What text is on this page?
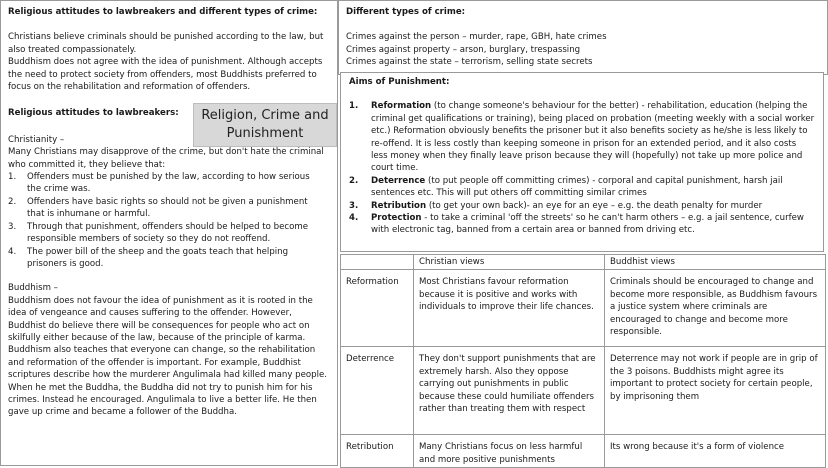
Religious attitudes to lawbreakers and different types of crime:

Christians believe criminals should be punished according to the law, but also treated compassionately.

Buddhism does not agree with the idea of punishment. Although accepts the need to protect society from offenders, most Buddhists preferred to focus on the rehabilitation and reformation of offenders.

Religious attitudes to lawbreakers:

Christianity –

Many Christians may disapprove of the crime, but don't hate the criminal who committed it, they believe that:

1. Offenders must be punished by the law, according to how serious the crime was.
2. Offenders have basic rights so should not be given a punishment that is inhumane or harmful.
3. Through that punishment, offenders should be helped to become responsible members of society so they do not reoffend.
4. The power bill of the sheep and the goats teach that helping prisoners is good.

Buddhism –

Buddhism does not favour the idea of punishment as it is rooted in the idea of vengeance and causes suffering to the offender. However, Buddhist do believe there will be consequences for people who act on skilfully either because of the law, because of the principle of karma. Buddhism also teaches that everyone can change, so the rehabilitation and reformation of the offender is important. For example, Buddhist scriptures describe how the murderer Angulimala had killed many people. When he met the Buddha, the Buddha did not try to punish him for his crimes. Instead he encouraged. Angulimala to live a better life. He then gave up crime and became a follower of the Buddha.

Religion, Crime and
Punishment

Different types of crime:

Crimes against the person – murder, rape, GBH, hate crimes

Crimes against property – arson, burglary, trespassing

Crimes against the state – terrorism, selling state secrets

Aims of Punishment:

1. Reformation (to change someone's behaviour for the better) - rehabilitation, education (helping the criminal get qualifications or training), being placed on probation (meeting weekly with a social worker etc.) Reformation obviously benefits the prisoner but it also benefits society as he/she is less likely to re-offend. It is less costly than keeping someone in prison for an extended period, and it also costs less money when they finally leave prison because they will (hopefully) not take up more police and court time.
2. Deterrence (to put people off committing crimes) - corporal and capital punishment, harsh jail sentences etc. This will put others off committing similar crimes
3. Retribution (to get your own back)- an eye for an eye – e.g. the death penalty for murder
4. Protection - to take a criminal 'off the streets' so he can't harm others – e.g. a jail sentence, curfew with electronic tag, banned from a certain area or banned from driving etc.
	Christian views	Buddhist views
Reformation	Most Christians favour reformation because it is positive and works with individuals to improve their life chances.	Criminals should be encouraged to change and become more responsible, as Buddhism favours a justice system where criminals are encouraged to change and become more responsible.
Deterrence	They don't support punishments that are extremely harsh. Also they oppose carrying out punishments in public because these could humiliate offenders rather than treating them with respect	Deterrence may not work if people are in grip of the 3 poisons. Buddhists might agree its important to protect society for certain people, by imprisoning them
Retribution	Many Christians focus on less harmful and more positive punishments	Its wrong because it's a form of violence
